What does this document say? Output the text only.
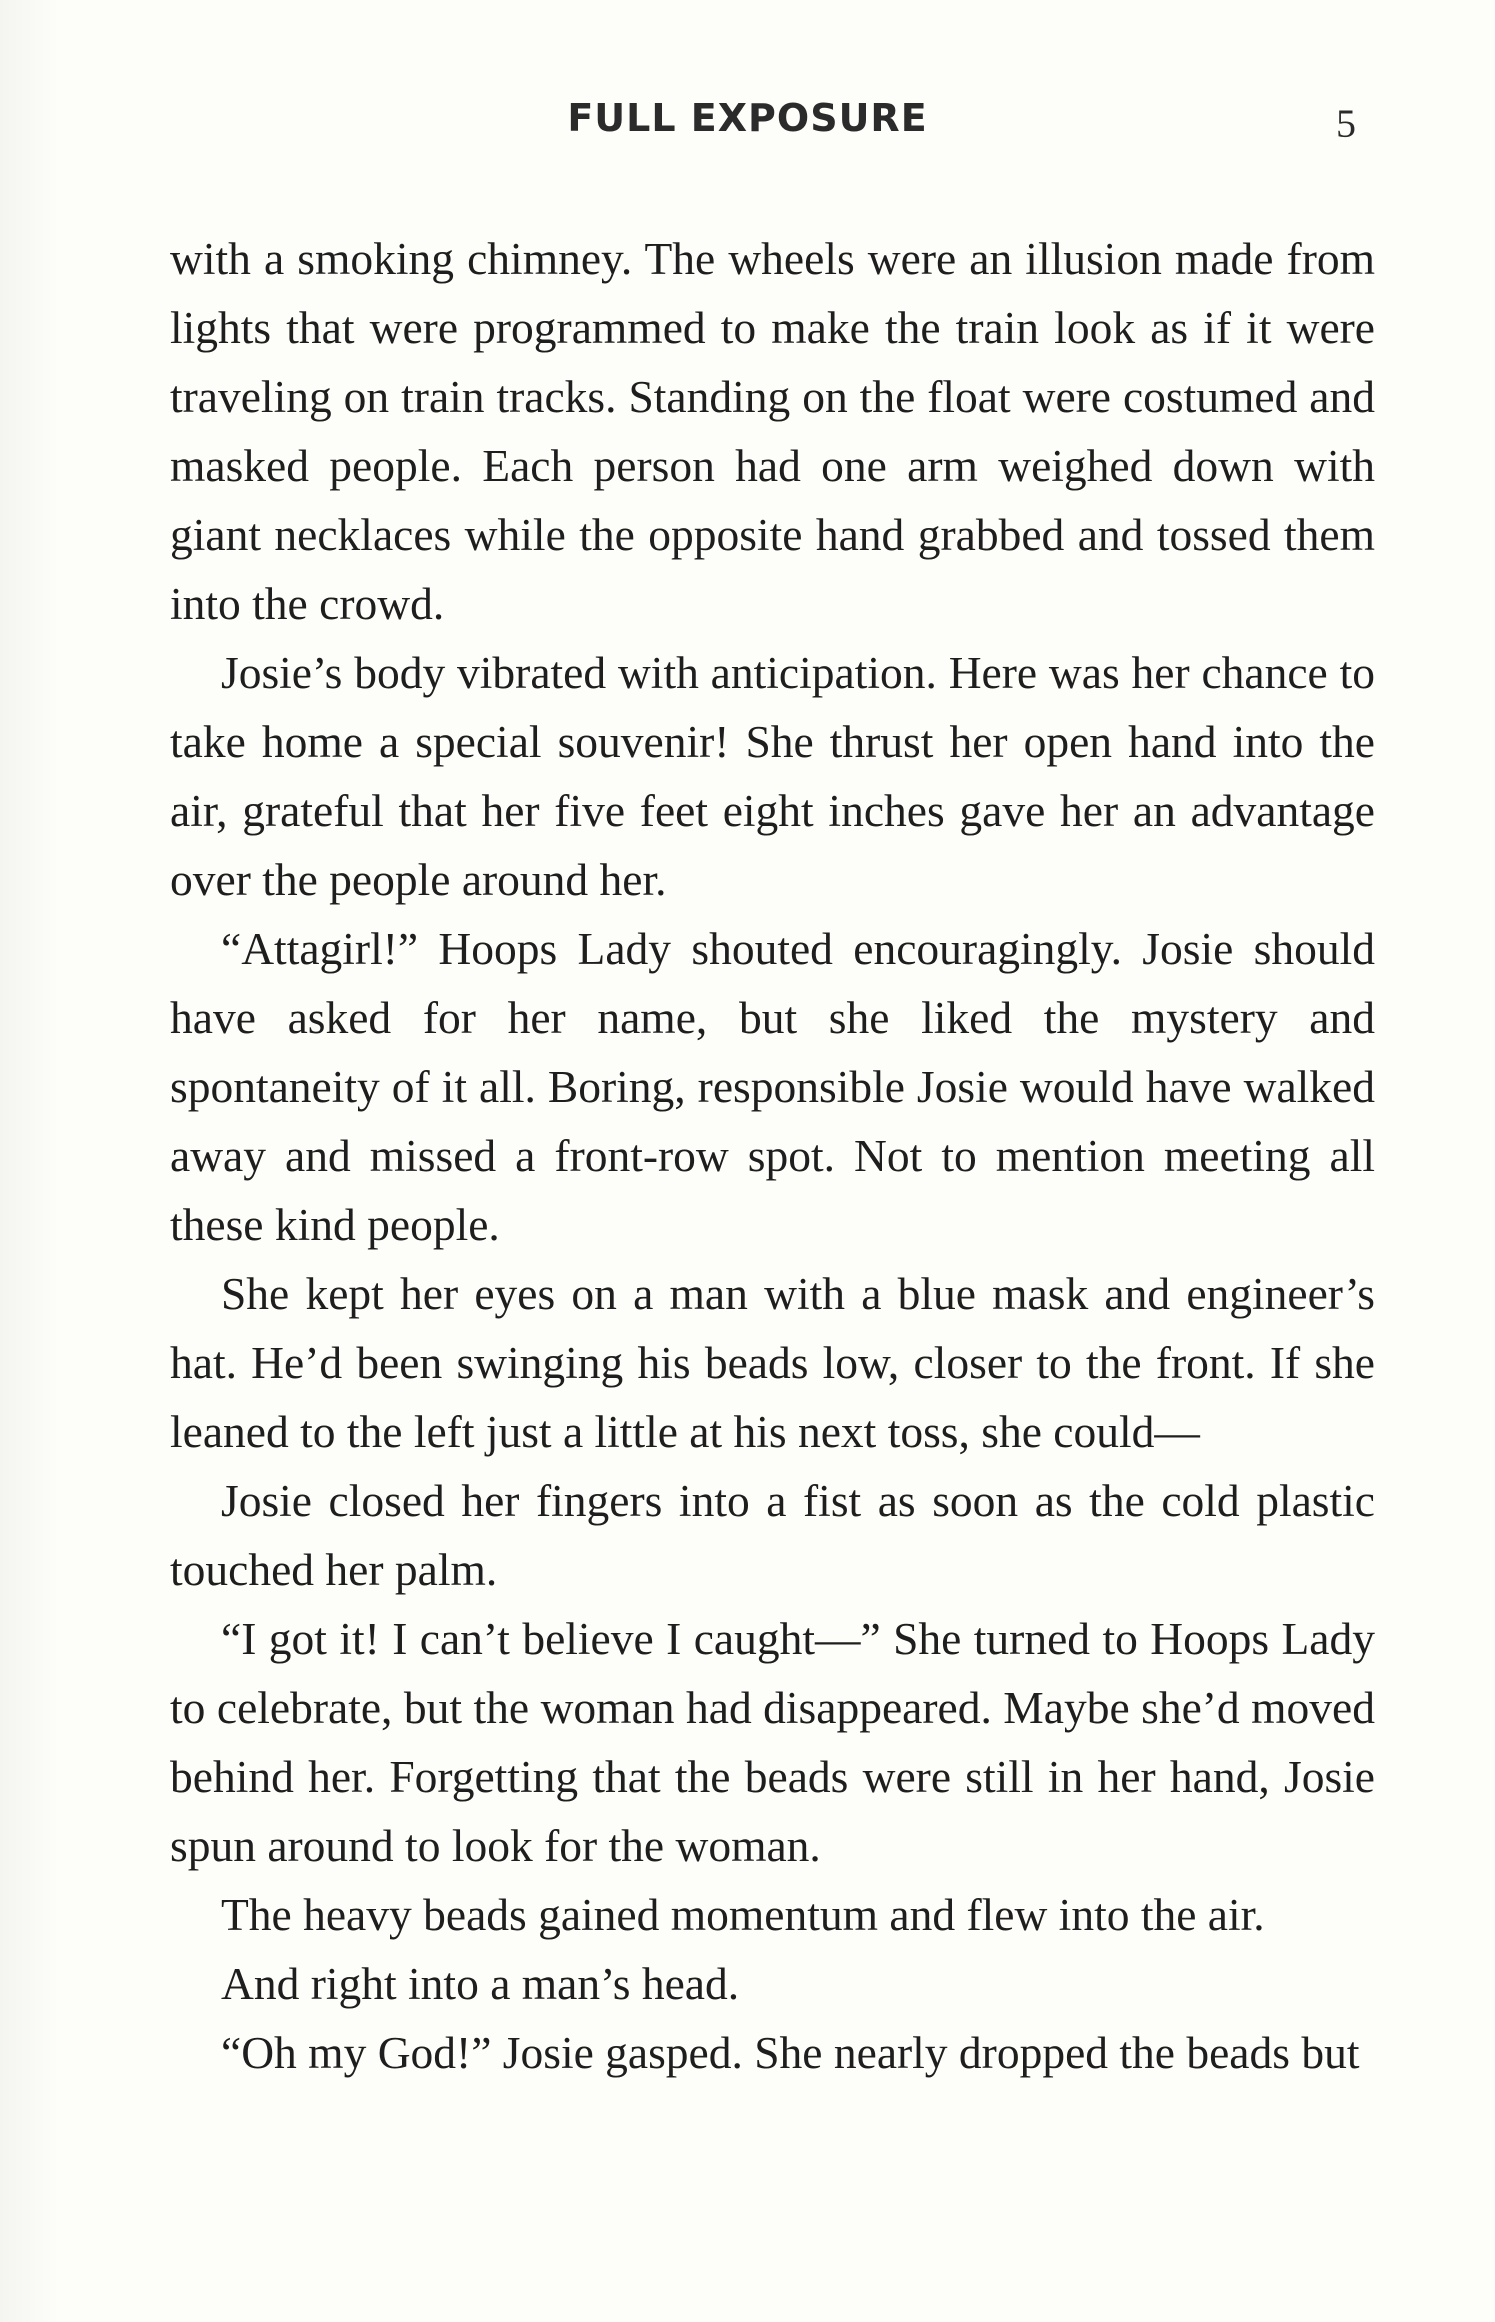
FULL EXPOSURE	5

with a smoking chimney. The wheels were an illusion made from lights that were programmed to make the train look as if it were traveling on train tracks. Standing on the float were costumed and masked people. Each person had one arm weighed down with giant necklaces while the opposite hand grabbed and tossed them into the crowd.

Josie’s body vibrated with anticipation. Here was her chance to take home a special souvenir! She thrust her open hand into the air, grateful that her five feet eight inches gave her an advantage over the people around her.

“Attagirl!” Hoops Lady shouted encouragingly. Josie should have asked for her name, but she liked the mystery and spontaneity of it all. Boring, responsible Josie would have walked away and missed a front-row spot. Not to mention meeting all these kind people.

She kept her eyes on a man with a blue mask and engineer’s hat. He’d been swinging his beads low, closer to the front. If she leaned to the left just a little at his next toss, she could—

Josie closed her fingers into a fist as soon as the cold plastic touched her palm.

“I got it! I can’t believe I caught—” She turned to Hoops Lady to celebrate, but the woman had disappeared. Maybe she’d moved behind her. Forgetting that the beads were still in her hand, Josie spun around to look for the woman.

The heavy beads gained momentum and flew into the air.

And right into a man’s head.

“Oh my God!” Josie gasped. She nearly dropped the beads but
